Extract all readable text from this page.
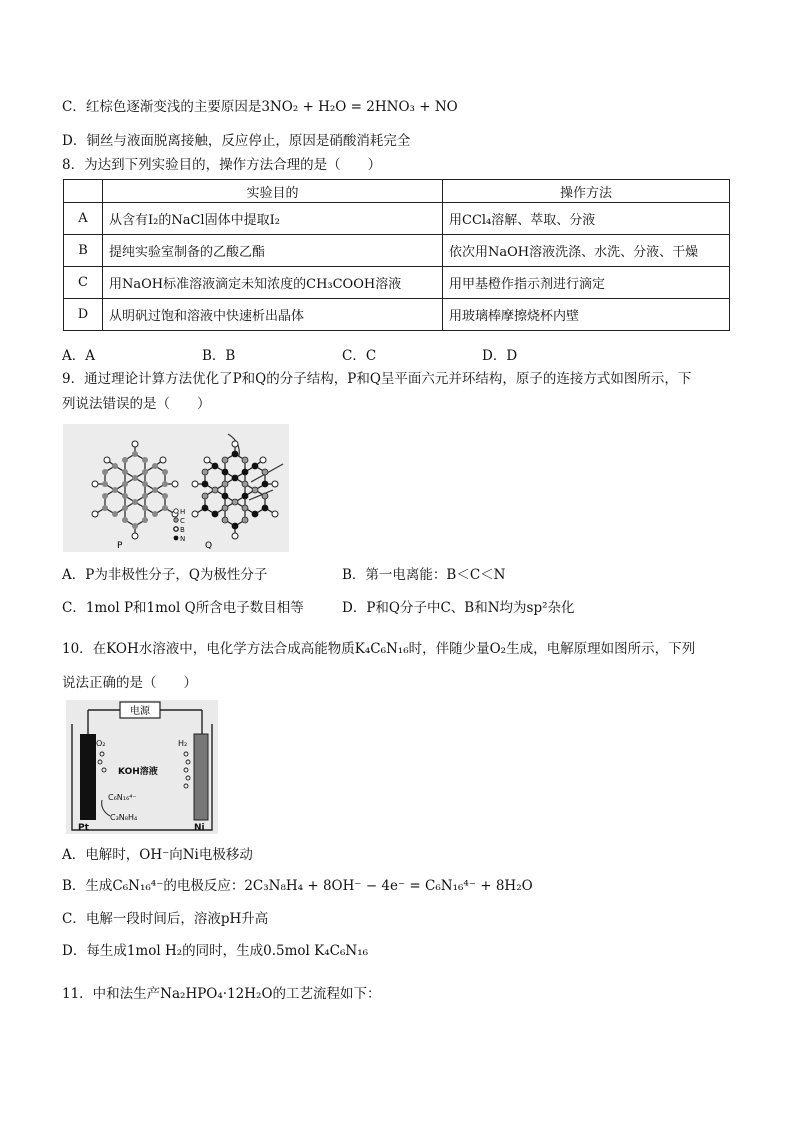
C．红棕色逐渐变浅的主要原因是3NO₂ + H₂O = 2HNO₃ + NO
D．铜丝与液面脱离接触，反应停止，原因是硝酸消耗完全
8．为达到下列实验目的，操作方法合理的是（　　）
	实验目的	操作方法
A	从含有I₂的NaCl固体中提取I₂	用CCl₄溶解、萃取、分液
B	提纯实验室制备的乙酸乙酯	依次用NaOH溶液洗涤、水洗、分液、干燥
C	用NaOH标准溶液滴定未知浓度的CH₃COOH溶液	用甲基橙作指示剂进行滴定
D	从明矾过饱和溶液中快速析出晶体	用玻璃棒摩擦烧杯内壁
A．A	B．B	C．C	D．D
9．通过理论计算方法优化了P和Q的分子结构，P和Q呈平面六元并环结构，原子的连接方式如图所示，下
列说法错误的是（　　）
P	Q
H
C
B
N
A．P为非极性分子，Q为极性分子	B．第一电离能：B＜C＜N
C．1mol P和1mol Q所含电子数目相等	D．P和Q分子中C、B和N均为sp²杂化
10．在KOH水溶液中，电化学方法合成高能物质K₄C₆N₁₆时，伴随少量O₂生成，电解原理如图所示，下列
说法正确的是（　　）
电源
O₂	H₂
KOH溶液
C₆N₁₆⁴⁻
C₃N₈H₄
Pt	Ni
A．电解时，OH⁻向Ni电极移动
B．生成C₆N₁₆⁴⁻的电极反应：2C₃N₈H₄ + 8OH⁻ − 4e⁻ = C₆N₁₆⁴⁻ + 8H₂O
C．电解一段时间后，溶液pH升高
D．每生成1mol H₂的同时，生成0.5mol K₄C₆N₁₆
11．中和法生产Na₂HPO₄·12H₂O的工艺流程如下：
